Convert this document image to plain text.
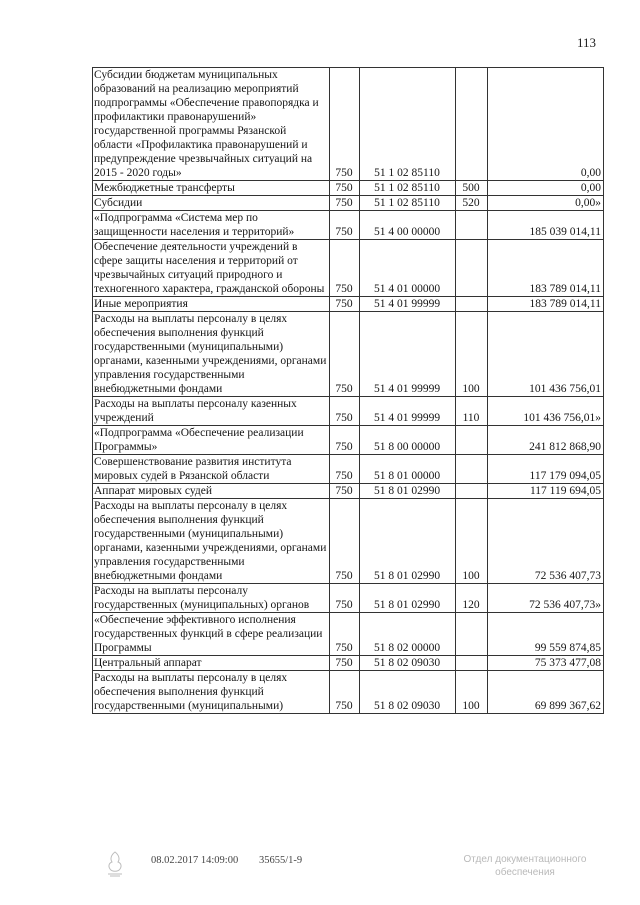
113
Субсидии бюджетам муниципальных образований на реализацию мероприятий подпрограммы «Обеспечение правопорядка и профилактики правонарушений» государственной программы Рязанской области «Профилактика правонарушений и предупреждение чрезвычайных ситуаций на 2015 - 2020 годы»	750	51 1 02 85110		0,00

Межбюджетные трансферты	750	51 1 02 85110	500	0,00

Субсидии	750	51 1 02 85110	520	0,00»

«Подпрограмма «Система мер по защищенности населения и территорий»	750	51 4 00 00000		185 039 014,11

Обеспечение деятельности учреждений в сфере защиты населения и территорий от чрезвычайных ситуаций природного и техногенного характера, гражданской обороны	750	51 4 01 00000		183 789 014,11

Иные мероприятия	750	51 4 01 99999		183 789 014,11

Расходы на выплаты персоналу в целях обеспечения выполнения функций государственными (муниципальными) органами, казенными учреждениями, органами управления государственными внебюджетными фондами	750	51 4 01 99999	100	101 436 756,01

Расходы на выплаты персоналу казенных учреждений	750	51 4 01 99999	110	101 436 756,01»

«Подпрограмма «Обеспечение реализации Программы»	750	51 8 00 00000		241 812 868,90

Совершенствование развития института мировых судей в Рязанской области	750	51 8 01 00000		117 179 094,05

Аппарат мировых судей	750	51 8 01 02990		117 119 694,05

Расходы на выплаты персоналу в целях обеспечения выполнения функций государственными (муниципальными) органами, казенными учреждениями, органами управления государственными внебюджетными фондами	750	51 8 01 02990	100	72 536 407,73

Расходы на выплаты персоналу государственных (муниципальных) органов	750	51 8 01 02990	120	72 536 407,73»

«Обеспечение эффективного исполнения государственных функций в сфере реализации Программы	750	51 8 02 00000		99 559 874,85

Центральный аппарат	750	51 8 02 09030		75 373 477,08

Расходы на выплаты персоналу в целях обеспечения выполнения функций государственными (муниципальными)	750	51 8 02 09030	100	69 899 367,62
08.02.2017 14:09:00 35655/1-9	Отдел документационного обеспечения
